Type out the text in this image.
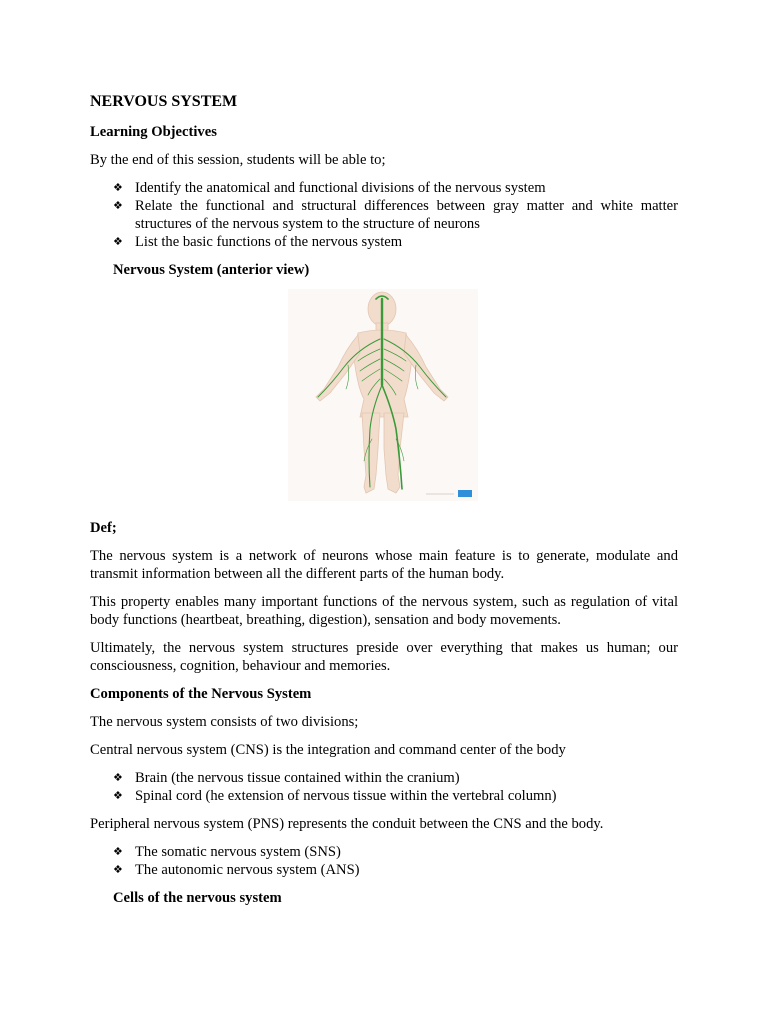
NERVOUS SYSTEM
Learning Objectives

By the end of this session, students will be able to;

❖ Identify the anatomical and functional divisions of the nervous system
❖ Relate the functional and structural differences between gray matter and white matter structures of the nervous system to the structure of neurons
❖ List the basic functions of the nervous system
Nervous System (anterior view)
Def;

The nervous system is a network of neurons whose main feature is to generate, modulate and transmit information between all the different parts of the human body.

This property enables many important functions of the nervous system, such as regulation of vital body functions (heartbeat, breathing, digestion), sensation and body movements.

Ultimately, the nervous system structures preside over everything that makes us human; our consciousness, cognition, behaviour and memories.

Components of the Nervous System

The nervous system consists of two divisions;

Central nervous system (CNS) is the integration and command center of the body

❖ Brain (the nervous tissue contained within the cranium)
❖ Spinal cord (he extension of nervous tissue within the vertebral column)

Peripheral nervous system (PNS) represents the conduit between the CNS and the body.

❖ The somatic nervous system (SNS)
❖ The autonomic nervous system (ANS)
Cells of the nervous system
